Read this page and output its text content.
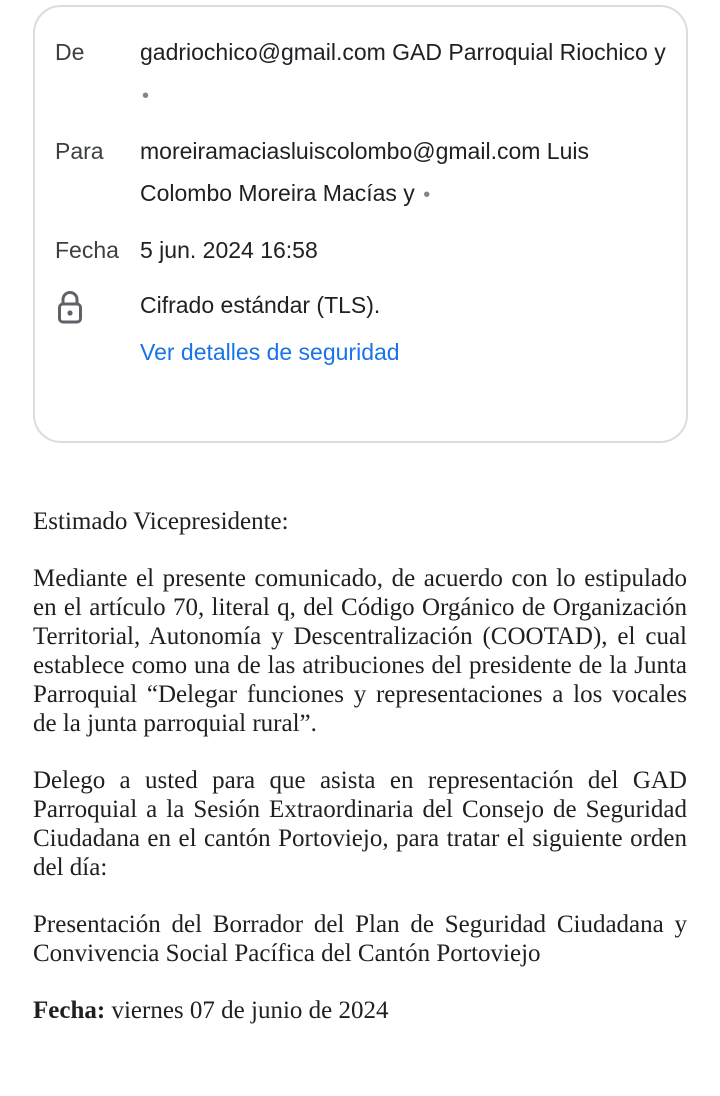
De	gadriochico@gmail.com GAD Parroquial Riochico y •
Para	moreiramaciasluiscolombo@gmail.com Luis Colombo Moreira Macías y •
Fecha 5 jun. 2024 16:58
Cifrado estándar (TLS).
Ver detalles de seguridad

Estimado Vicepresidente:

Mediante el presente comunicado, de acuerdo con lo estipulado en el artículo 70, literal q, del Código Orgánico de Organización Territorial, Autonomía y Descentralización (COOTAD), el cual establece como una de las atribuciones del presidente de la Junta Parroquial “Delegar funciones y representaciones a los vocales de la junta parroquial rural”.

Delego a usted para que asista en representación del GAD Parroquial a la Sesión Extraordinaria del Consejo de Seguridad Ciudadana en el cantón Portoviejo, para tratar el siguiente orden del día:

Presentación del Borrador del Plan de Seguridad Ciudadana y Convivencia Social Pacífica del Cantón Portoviejo

Fecha: viernes 07 de junio de 2024
